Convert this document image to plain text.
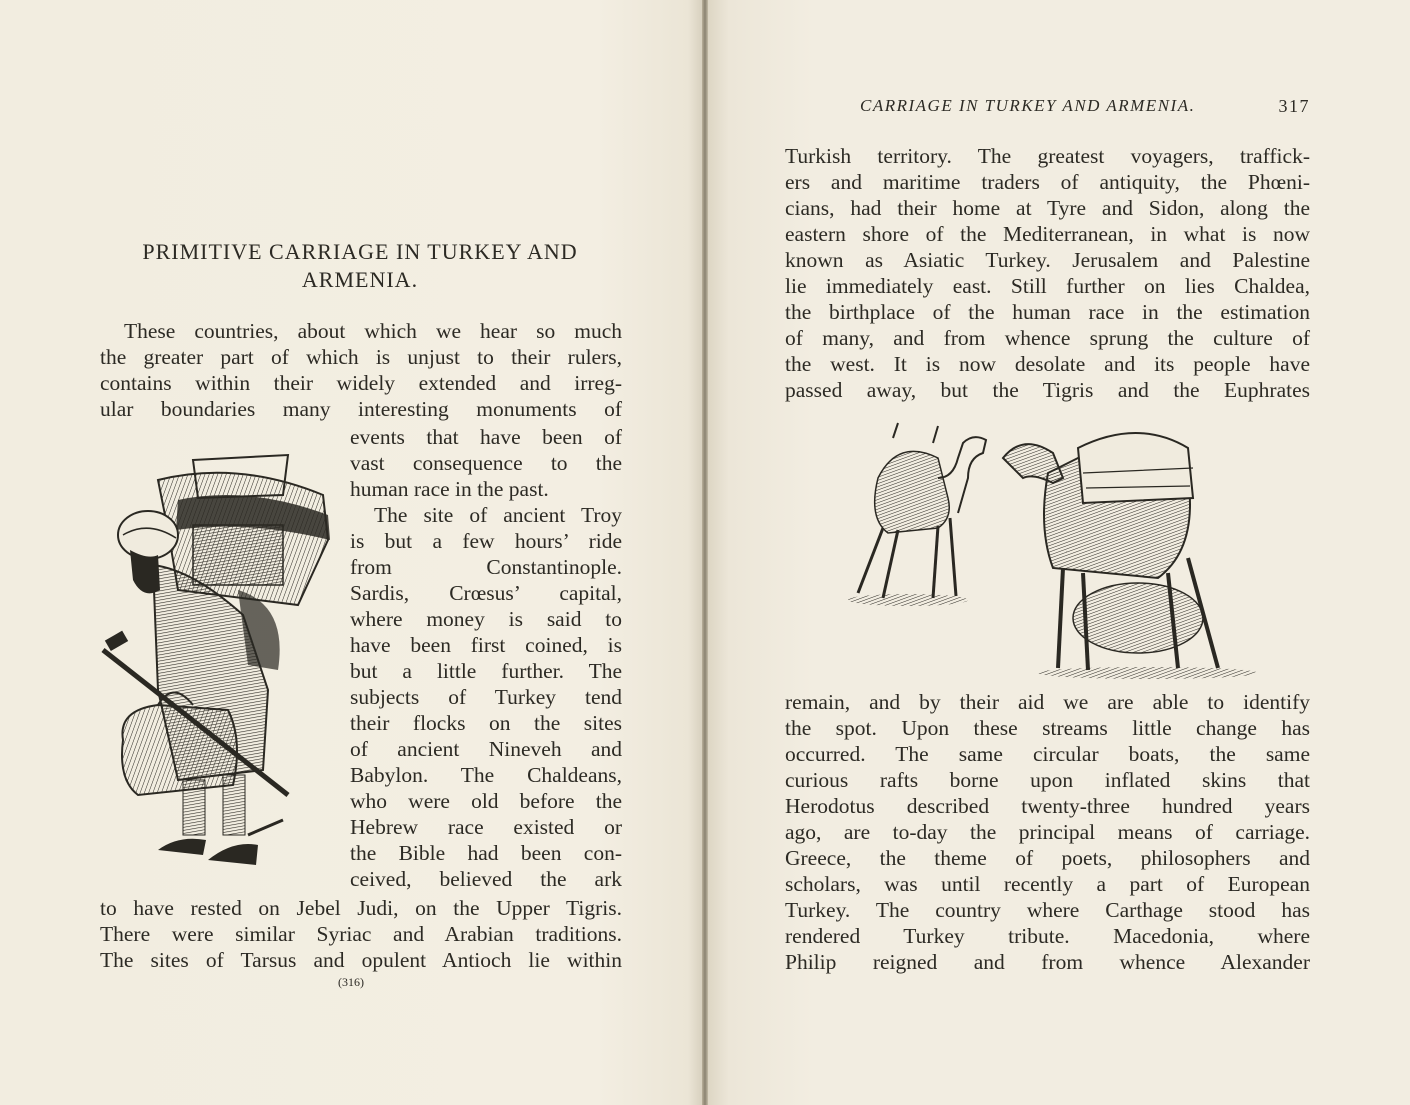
PRIMITIVE CARRIAGE IN TURKEY AND
ARMENIA.
These countries, about which we hear so much
the greater part of which is unjust to their rulers,
contains within their widely extended and irreg-
ular boundaries many interesting monuments of
events that have been of
vast consequence to the
human race in the past.
The site of ancient Troy
is but a few hours’ ride
from Constantinople.
Sardis, Crœsus’ capital,
where money is said to
have been first coined, is
but a little further. The
subjects of Turkey tend
their flocks on the sites
of ancient Nineveh and
Babylon. The Chaldeans,
who were old before the
Hebrew race existed or
the Bible had been con-
ceived, believed the ark
to have rested on Jebel Judi, on the Upper Tigris.
There were similar Syriac and Arabian traditions.
The sites of Tarsus and opulent Antioch lie within
(316)
CARRIAGE IN TURKEY AND ARMENIA.	317
Turkish territory. The greatest voyagers, traffick-
ers and maritime traders of antiquity, the Phœni-
cians, had their home at Tyre and Sidon, along the
eastern shore of the Mediterranean, in what is now
known as Asiatic Turkey. Jerusalem and Palestine
lie immediately east. Still further on lies Chaldea,
the birthplace of the human race in the estimation
of many, and from whence sprung the culture of
the west. It is now desolate and its people have
passed away, but the Tigris and the Euphrates
remain, and by their aid we are able to identify
the spot. Upon these streams little change has
occurred. The same circular boats, the same
curious rafts borne upon inflated skins that
Herodotus described twenty-three hundred years
ago, are to-day the principal means of carriage.
Greece, the theme of poets, philosophers and
scholars, was until recently a part of European
Turkey. The country where Carthage stood has
rendered Turkey tribute. Macedonia, where
Philip reigned and from whence Alexander
